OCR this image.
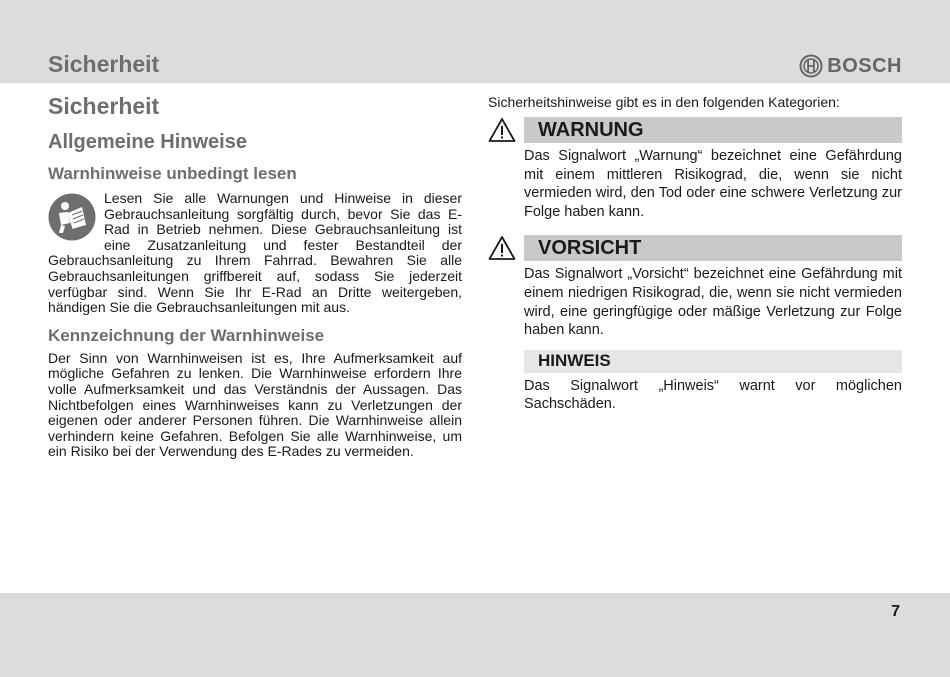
Sicherheit	BOSCH
Sicherheit
Allgemeine Hinweise
Warnhinweise unbedingt lesen

Lesen Sie alle Warnungen und Hinweise in dieser Gebrauchsanleitung sorgfältig durch, bevor Sie das E-Rad in Betrieb nehmen. Diese Gebrauchsanleitung ist eine Zusatzanleitung und fester Bestandteil der Gebrauchsanleitung zu Ihrem Fahrrad. Bewahren Sie alle Gebrauchsanleitungen griffbereit auf, sodass Sie jederzeit verfügbar sind. Wenn Sie Ihr E-Rad an Dritte weitergeben, händigen Sie die Gebrauchsanleitungen mit aus.

Kennzeichnung der Warnhinweise

Der Sinn von Warnhinweisen ist es, Ihre Aufmerksamkeit auf mögliche Gefahren zu lenken. Die Warnhinweise erfordern Ihre volle Aufmerksamkeit und das Verständnis der Aussagen. Das Nichtbefolgen eines Warnhinweises kann zu Verletzungen der eigenen oder anderer Personen führen. Die Warnhinweise allein verhindern keine Gefahren. Befolgen Sie alle Warnhinweise, um ein Risiko bei der Verwendung des E-Rades zu vermeiden.

Sicherheitshinweise gibt es in den folgenden Kategorien:

WARNUNG

Das Signalwort „Warnung“ bezeichnet eine Gefährdung mit einem mittleren Risikograd, die, wenn sie nicht vermieden wird, den Tod oder eine schwere Verletzung zur Folge haben kann.

VORSICHT

Das Signalwort „Vorsicht“ bezeichnet eine Gefährdung mit einem niedrigen Risikograd, die, wenn sie nicht vermieden wird, eine geringfügige oder mäßige Verletzung zur Folge haben kann.

HINWEIS

Das Signalwort „Hinweis“ warnt vor möglichen Sachschäden.

7
